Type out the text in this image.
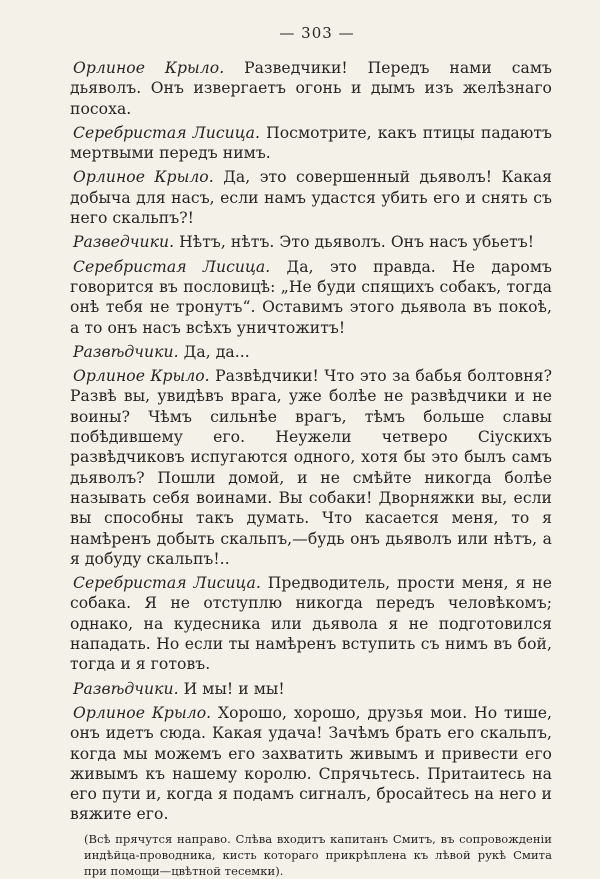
— 303 —

Орлиное Крыло. Разведчики! Передъ нами самъ дьяволъ. Онъ извергаетъ огонь и дымъ изъ желѣзнаго посоха.

Серебристая Лисица. Посмотрите, какъ птицы падаютъ мертвыми передъ нимъ.

Орлиное Крыло. Да, это совершенный дьяволъ! Какая добыча для насъ, если намъ удастся убить его и снять съ него скальпъ?!

Разведчики. Нѣтъ, нѣтъ. Это дьяволъ. Онъ насъ убьетъ!

Серебристая Лисица. Да, это правда. Не даромъ говорится въ пословицѣ: „Не буди спящихъ собакъ, тогда онѣ тебя не тронутъ“. Оставимъ этого дьявола въ покоѣ, а то онъ насъ всѣхъ уничтожитъ!

Развѣдчики. Да, да...

Орлиное Крыло. Развѣдчики! Что это за бабья болтовня? Развѣ вы, увидѣвъ врага, уже болѣе не развѣдчики и не воины? Чѣмъ сильнѣе врагъ, тѣмъ больше славы побѣдившему его. Неужели четверо Сіускихъ развѣдчиковъ испугаются одного, хотя бы это былъ самъ дьяволъ? Пошли домой, и не смѣйте никогда болѣе называть себя воинами. Вы собаки! Дворняжки вы, если вы способны такъ думать. Что касается меня, то я намѣренъ добыть скальпъ,—будь онъ дьяволъ или нѣтъ, а я добуду скальпъ!..

Серебристая Лисица. Предводитель, прости меня, я не собака. Я не отступлю никогда передъ человѣкомъ; однако, на кудесника или дьявола я не подготовился нападать. Но если ты намѣренъ вступить съ нимъ въ бой, тогда и я готовъ.

Развѣдчики. И мы! и мы!

Орлиное Крыло. Хорошо, хорошо, друзья мои. Но тише, онъ идетъ сюда. Какая удача! Зачѣмъ брать его скальпъ, когда мы можемъ его захватить живымъ и привести его живымъ къ нашему королю. Спрячьтесь. Притаитесь на его пути и, когда я подамъ сигналъ, бросайтесь на него и вяжите его.

(Всѣ прячутся направо. Слѣва входитъ капитанъ Смитъ, въ сопровожденіи индѣйца-проводника, кисть котораго прикрѣплена къ лѣвой рукѣ Смита при помощи—цвѣтной тесемки).
